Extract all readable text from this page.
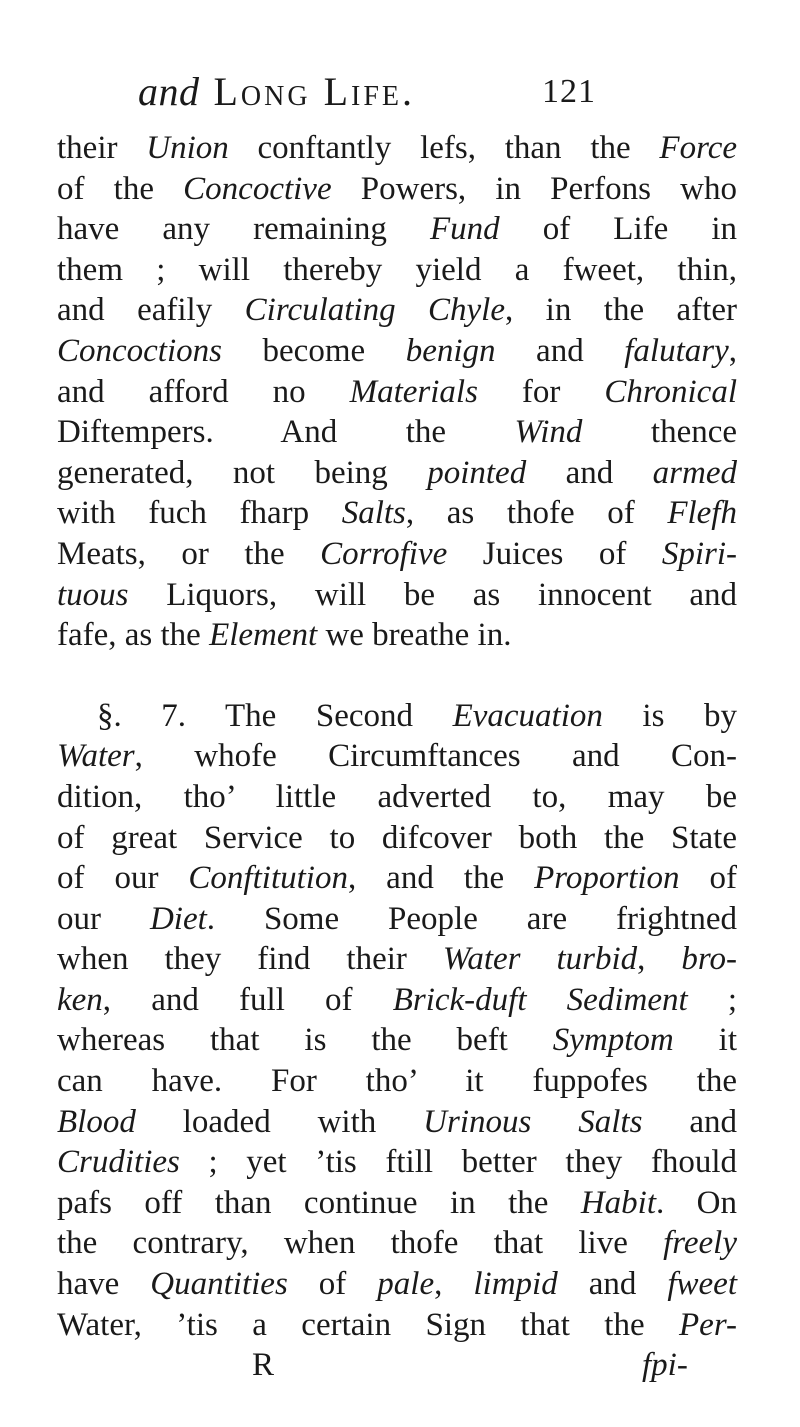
and Long Life.	121
their Union conftantly lefs, than the Force
of the Concoctive Powers, in Perfons who
have any remaining Fund of Life in
them ; will thereby yield a fweet, thin,
and eafily Circulating Chyle, in the after
Concoctions become benign and falutary,
and afford no Materials for Chronical
Diftempers. And the Wind thence
generated, not being pointed and armed
with fuch fharp Salts, as thofe of Flefh
Meats, or the Corrofive Juices of Spiri-
tuous Liquors, will be as innocent and
fafe, as the Element we breathe in.
§. 7. The Second Evacuation is by
Water, whofe Circumftances and Con-
dition, tho’ little adverted to, may be
of great Service to difcover both the State
of our Conftitution, and the Proportion of
our Diet. Some People are frightned
when they find their Water turbid, bro-
ken, and full of Brick-duft Sediment ;
whereas that is the beft Symptom it
can have. For tho’ it fuppofes the
Blood loaded with Urinous Salts and
Crudities ; yet ’tis ftill better they fhould
pafs off than continue in the Habit. On
the contrary, when thofe that live freely
have Quantities of pale, limpid and fweet
Water, ’tis a certain Sign that the Per-
R	fpi-
